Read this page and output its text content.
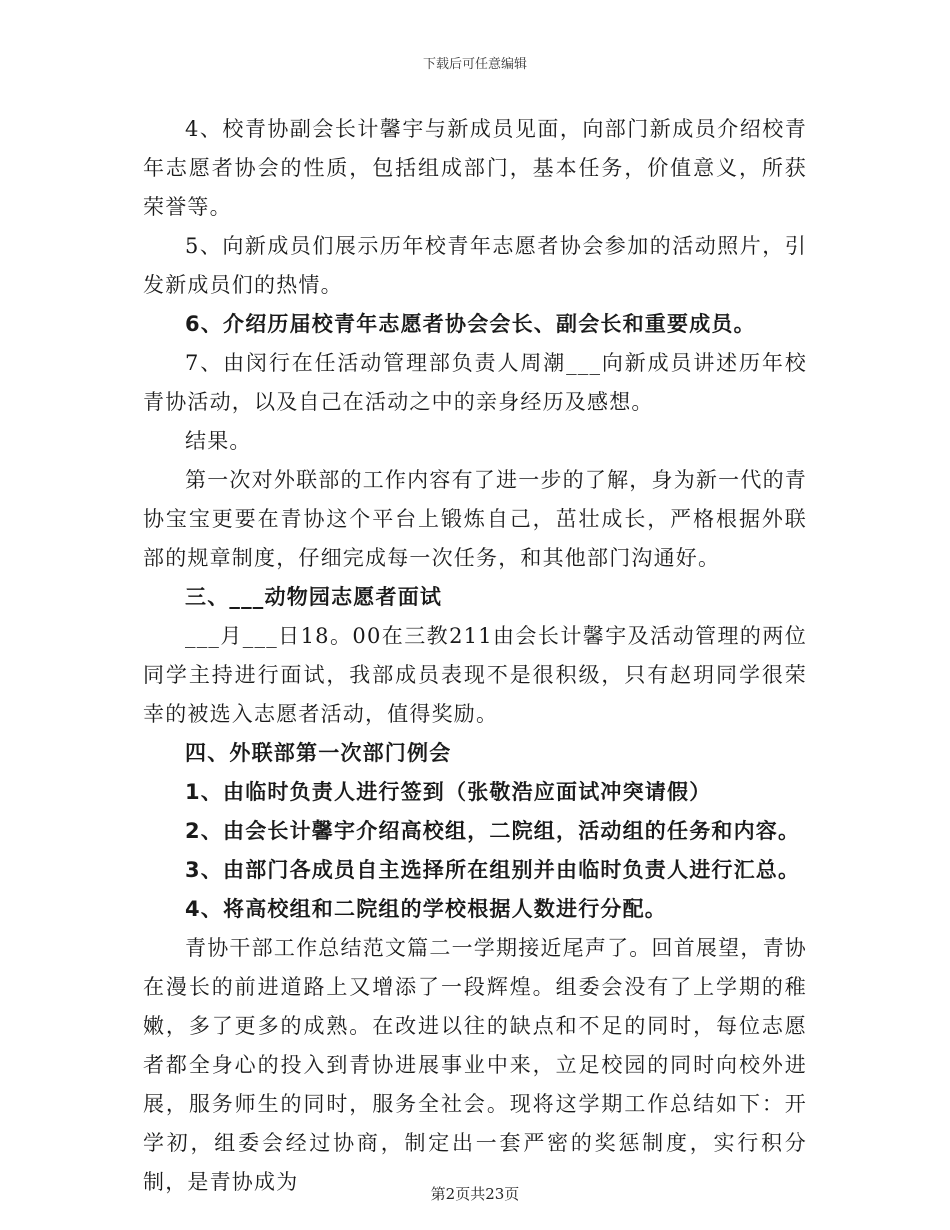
下载后可任意编辑

4、校青协副会长计馨宇与新成员见面，向部门新成员介绍校青年志愿者协会的性质，包括组成部门，基本任务，价值意义，所获荣誉等。

5、向新成员们展示历年校青年志愿者协会参加的活动照片，引发新成员们的热情。

6、介绍历届校青年志愿者协会会长、副会长和重要成员。

7、由闵行在任活动管理部负责人周潮___向新成员讲述历年校青协活动，以及自己在活动之中的亲身经历及感想。

结果。

第一次对外联部的工作内容有了进一步的了解，身为新一代的青协宝宝更要在青协这个平台上锻炼自己，茁壮成长，严格根据外联部的规章制度，仔细完成每一次任务，和其他部门沟通好。

三、___动物园志愿者面试

___月___日18。00在三教211由会长计馨宇及活动管理的两位同学主持进行面试，我部成员表现不是很积级，只有赵玥同学很荣幸的被选入志愿者活动，值得奖励。

四、外联部第一次部门例会

1、由临时负责人进行签到（张敬浩应面试冲突请假）

2、由会长计馨宇介绍高校组，二院组，活动组的任务和内容。

3、由部门各成员自主选择所在组别并由临时负责人进行汇总。

4、将高校组和二院组的学校根据人数进行分配。

青协干部工作总结范文篇二一学期接近尾声了。回首展望，青协在漫长的前进道路上又增添了一段辉煌。组委会没有了上学期的稚嫩，多了更多的成熟。在改进以往的缺点和不足的同时，每位志愿者都全身心的投入到青协进展事业中来，立足校园的同时向校外进展，服务师生的同时，服务全社会。现将这学期工作总结如下：开学初，组委会经过协商，制定出一套严密的奖惩制度，实行积分制，是青协成为	第2页共23页
